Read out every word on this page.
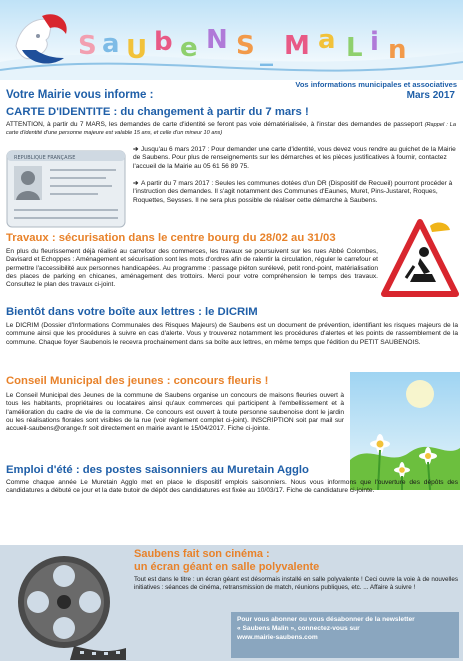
S a U b e N S _ M a L i n
Vos informations municipales et associatives
Votre Mairie vous informe :	Mars 2017
CARTE D'IDENTITE : du changement à partir du 7 mars !
ATTENTION, à partir du 7 MARS, les demandes de carte d'identité se feront pas voie dématérialisée, à l'instar des demandes de passeport (Rappel : La carte d'identité d'une personne majeure est valable 15 ans, et celle d'un mineur 10 ans)
REPUBLIQUE FRANÇAISE
➔ Jusqu'au 6 mars 2017 : Pour demander une carte d'identité, vous devez vous rendre au guichet de la Mairie de Saubens. Pour plus de renseignements sur les démarches et les pièces justificatives à fournir, contactez l'accueil de la Mairie au 05 61 56 89 75.
➔ A partir du 7 mars 2017 : Seules les communes dotées d'un DR (Dispositif de Recueil) pourront procéder à l'instruction des demandes. Il s'agit notamment des Communes d'Eaunes, Muret, Pins-Justaret, Roques, Roquettes, Seysses. Il ne sera plus possible de réaliser cette démarche à Saubens.
Travaux : sécurisation dans le centre bourg du 28/02 au 31/03
En plus du fleurissement déjà réalisé au carrefour des commerces, les travaux se poursuivent sur les rues Abbé Colombes, Davisard et Echoppes : Aménagement et sécurisation sont les mots d'ordres afin de ralentir la circulation, réguler le carrefour et permettre l'accessibilité aux personnes handicapées. Au programme : passage piéton surélevé, petit rond-point, matérialisation des places de parking en chicanes, aménagement des trottoirs. Merci pour votre compréhension le temps des travaux. Consultez le plan des travaux ci-joint.
Bientôt dans votre boîte aux lettres : le DICRIM
Le DICRIM (Dossier d'Informations Communales des Risques Majeurs) de Saubens est un document de prévention, identifiant les risques majeurs de la commune ainsi que les procédures à suivre en cas d'alerte. Vous y trouverez notamment les procédures d'alertes et les points de rassemblement de la commune. Chaque foyer Saubenois le recevra prochainement dans sa boîte aux lettres, en même temps que l'édition du PETIT SAUBENOIS.
Conseil Municipal des jeunes : concours fleuris !
Le Conseil Municipal des Jeunes de la commune de Saubens organise un concours de maisons fleuries ouvert à tous les habitants, propriétaires ou locataires ainsi qu'aux commerces qui participent à l'embellissement et à l'amélioration du cadre de vie de la commune. Ce concours est ouvert à toute personne saubenoise dont le jardin ou les réalisations florales sont visibles de la rue (voir règlement complet ci-joint). INSCRIPTION soit par mail sur accueil-saubens@orange.fr soit directement en mairie avant le 15/04/2017. Fiche ci-jointe.
Emploi d'été : des postes saisonniers au Muretain Agglo
Comme chaque année Le Muretain Agglo met en place le dispositif emplois saisonniers. Nous vous informons que l'ouverture des dépôts des candidatures a débuté ce jour et la date butoir de dépôt des candidatures est fixée au 10/03/17. Fiche de candidature ci-jointe.
Saubens fait son cinéma :
un écran géant en salle polyvalente
Tout est dans le titre : un écran géant est désormais installé en salle polyvalente ! Ceci ouvre la voie à de nouvelles initiatives : séances de cinéma, retransmission de match, réunions publiques, etc. ... Affaire à suivre !
Pour vous abonner ou vous désabonner de la newsletter
« Saubens Malin », connectez-vous sur
www.mairie-saubens.com
